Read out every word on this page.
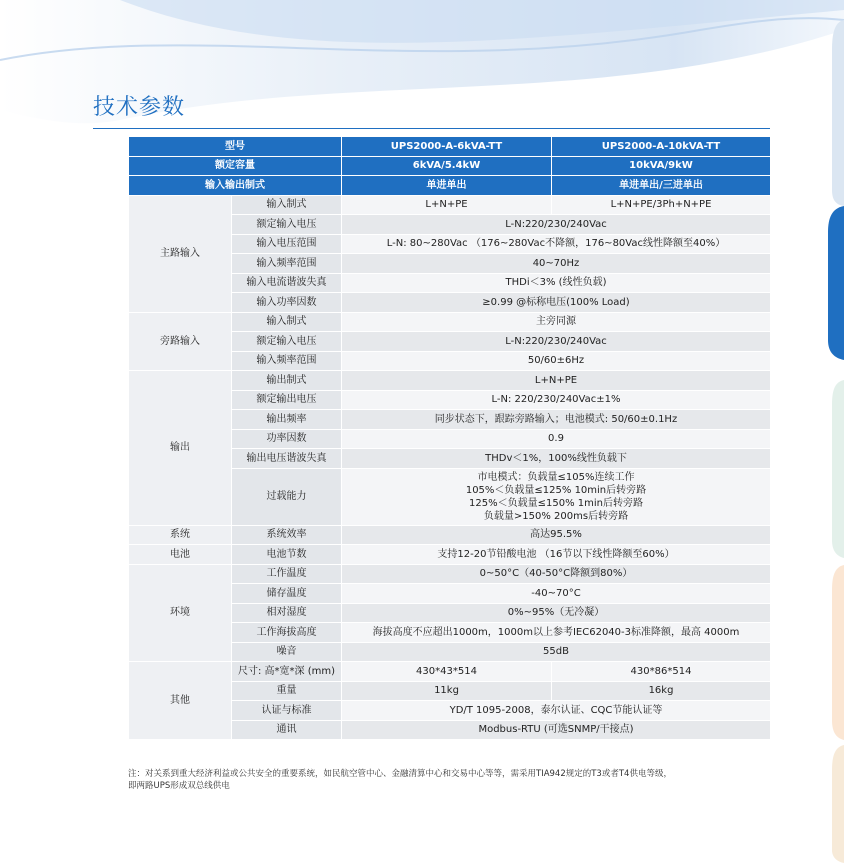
技术参数
型号		UPS2000-A-6kVA-TT	UPS2000-A-10kVA-TT
额定容量		6kVA/5.4kW	10kVA/9kW
输入输出制式		单进单出	单进单出/三进单出
主路输入	输入制式	L+N+PE	L+N+PE/3Ph+N+PE
	额定输入电压	L-N:220/230/240Vac	
	输入电压范围	L-N: 80~280Vac （176~280Vac不降额，176~80Vac线性降额至40%）	
	输入频率范围	40~70Hz	
	输入电流谐波失真	THDi＜3% (线性负载)	
	输入功率因数	≥0.99 @标称电压(100% Load)	
旁路输入	输入制式	主旁同源	
	额定输入电压	L-N:220/230/240Vac	
	输入频率范围	50/60±6Hz	
输出	输出制式	L+N+PE	
	额定输出电压	L-N: 220/230/240Vac±1%	
	输出频率	同步状态下，跟踪旁路输入；电池模式: 50/60±0.1Hz	
	功率因数	0.9	
	输出电压谐波失真	THDv＜1%，100%线性负载下	
	过载能力	市电模式：负载量≤105%连续工作
105%＜负载量≤125% 10min后转旁路
125%＜负载量≤150% 1min后转旁路
负载量>150% 200ms后转旁路	

系统	系统效率	高达95.5%	
电池	电池节数	支持12-20节铅酸电池 （16节以下线性降额至60%）	
环境	工作温度	0~50°C（40-50°C降额到80%）	
	储存温度	-40~70°C	
	相对湿度	0%~95%（无冷凝）	
	工作海拔高度	海拔高度不应超出1000m，1000m以上参考IEC62040-3标准降额，最高 4000m	
	噪音	55dB	
其他	尺寸: 高*宽*深 (mm)	430*43*514	430*86*514
	重量	11kg	16kg
	认证与标准	YD/T 1095-2008，泰尔认证、CQC节能认证等	
	通讯	Modbus-RTU (可选SNMP/干接点)	
注：对关系到重大经济利益或公共安全的重要系统，如民航空管中心、金融清算中心和交易中心等等，需采用TIA942规定的T3或者T4供电等级，
即两路UPS形成双总线供电
